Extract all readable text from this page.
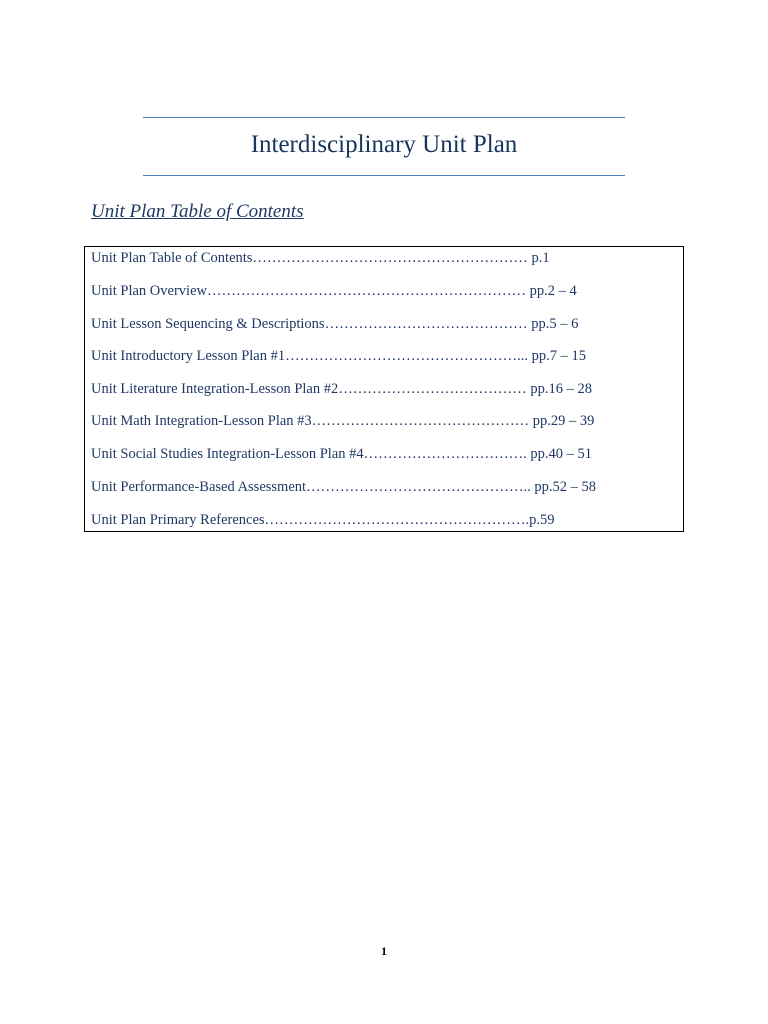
Interdisciplinary Unit Plan
Unit Plan Table of Contents
Unit Plan Table of Contents………………………………………………… p.1
Unit Plan Overview………………………………………………………… pp.2 – 4
Unit Lesson Sequencing & Descriptions…………………………………… pp.5 – 6
Unit Introductory Lesson Plan #1…………………………………………... pp.7 – 15
Unit Literature Integration-Lesson Plan #2………………………………… pp.16 – 28
Unit Math Integration-Lesson Plan #3……………………………………… pp.29 – 39
Unit Social Studies Integration-Lesson Plan #4……………………………. pp.40 – 51
Unit Performance-Based Assessment……………………………………….. pp.52 – 58
Unit Plan Primary References……………………………………………….p.59
1
